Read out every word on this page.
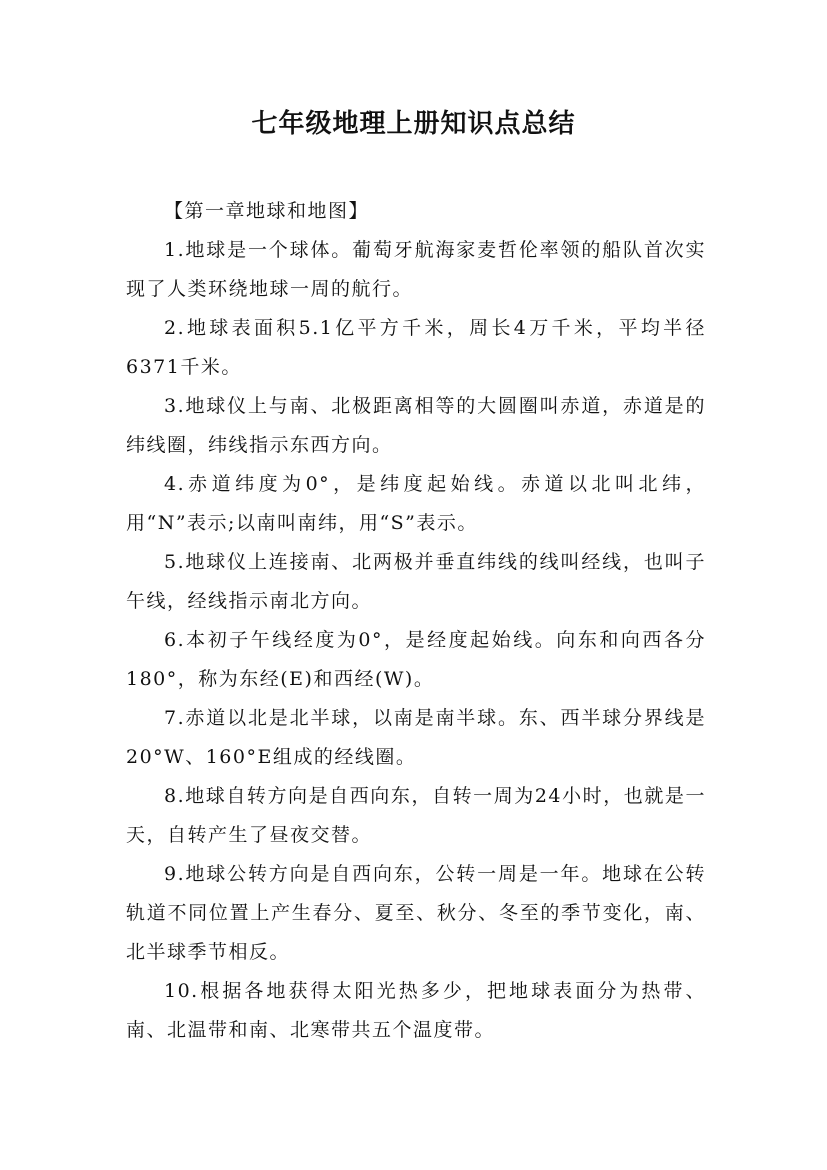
七年级地理上册知识点总结

【第一章地球和地图】

1.地球是一个球体。葡萄牙航海家麦哲伦率领的船队首次实现了人类环绕地球一周的航行。

2.地球表面积5.1亿平方千米，周长4万千米，平均半径6371千米。

3.地球仪上与南、北极距离相等的大圆圈叫赤道，赤道是的纬线圈，纬线指示东西方向。

4.赤道纬度为0°，是纬度起始线。赤道以北叫北纬，用“N”表示;以南叫南纬，用“S”表示。

5.地球仪上连接南、北两极并垂直纬线的线叫经线，也叫子午线，经线指示南北方向。

6.本初子午线经度为0°，是经度起始线。向东和向西各分180°，称为东经(E)和西经(W)。

7.赤道以北是北半球，以南是南半球。东、西半球分界线是20°W、160°E组成的经线圈。

8.地球自转方向是自西向东，自转一周为24小时，也就是一天，自转产生了昼夜交替。

9.地球公转方向是自西向东，公转一周是一年。地球在公转轨道不同位置上产生春分、夏至、秋分、冬至的季节变化，南、北半球季节相反。

10.根据各地获得太阳光热多少，把地球表面分为热带、南、北温带和南、北寒带共五个温度带。
